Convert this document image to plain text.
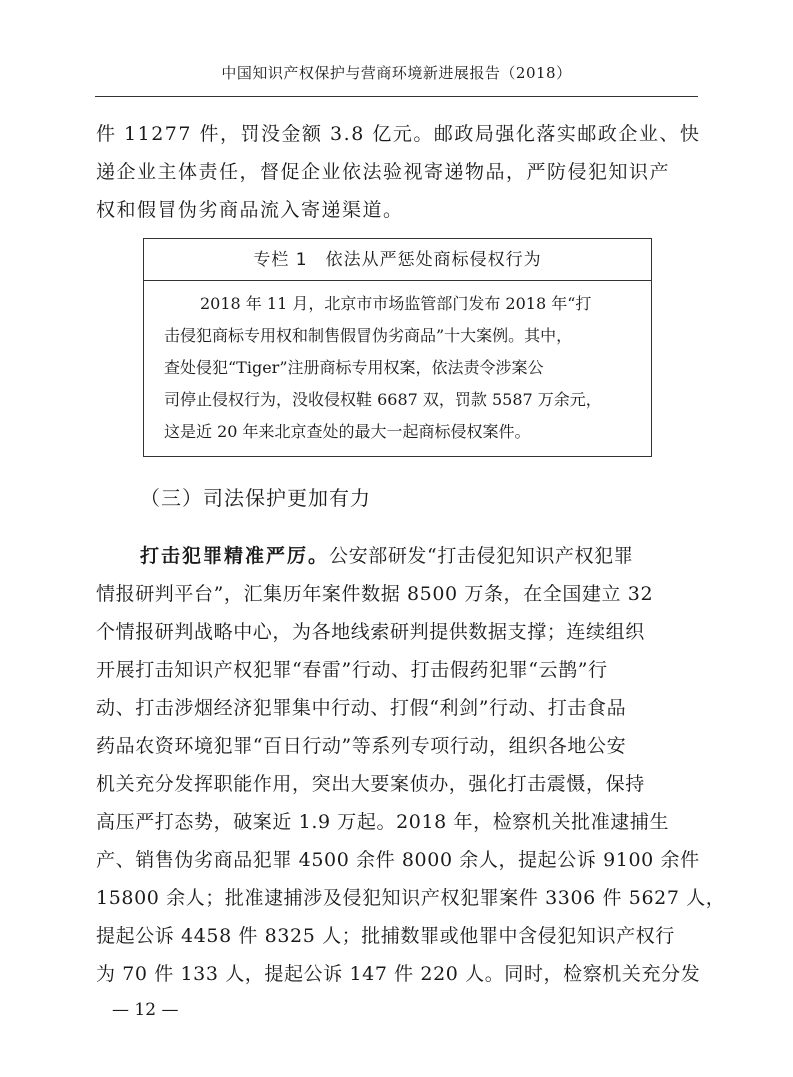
中国知识产权保护与营商环境新进展报告（2018）
件 11277 件，罚没金额 3.8 亿元。邮政局强化落实邮政企业、快
递企业主体责任，督促企业依法验视寄递物品，严防侵犯知识产
权和假冒伪劣商品流入寄递渠道。
专栏 1　依法从严惩处商标侵权行为
2018 年 11 月，北京市市场监管部门发布 2018 年“打
击侵犯商标专用权和制售假冒伪劣商品”十大案例。其中，
查处侵犯“Tiger”注册商标专用权案，依法责令涉案公
司停止侵权行为，没收侵权鞋 6687 双，罚款 5587 万余元，
这是近 20 年来北京查处的最大一起商标侵权案件。
（三）司法保护更加有力
打击犯罪精准严厉。公安部研发“打击侵犯知识产权犯罪
情报研判平台”，汇集历年案件数据 8500 万条，在全国建立 32
个情报研判战略中心，为各地线索研判提供数据支撑；连续组织
开展打击知识产权犯罪“春雷”行动、打击假药犯罪“云鹊”行
动、打击涉烟经济犯罪集中行动、打假“利剑”行动、打击食品
药品农资环境犯罪“百日行动”等系列专项行动，组织各地公安
机关充分发挥职能作用，突出大要案侦办，强化打击震慑，保持
高压严打态势，破案近 1.9 万起。2018 年，检察机关批准逮捕生
产、销售伪劣商品犯罪 4500 余件 8000 余人，提起公诉 9100 余件
15800 余人；批准逮捕涉及侵犯知识产权犯罪案件 3306 件 5627 人，
提起公诉 4458 件 8325 人；批捕数罪或他罪中含侵犯知识产权行
为 70 件 133 人，提起公诉 147 件 220 人。同时，检察机关充分发
— 12 —
